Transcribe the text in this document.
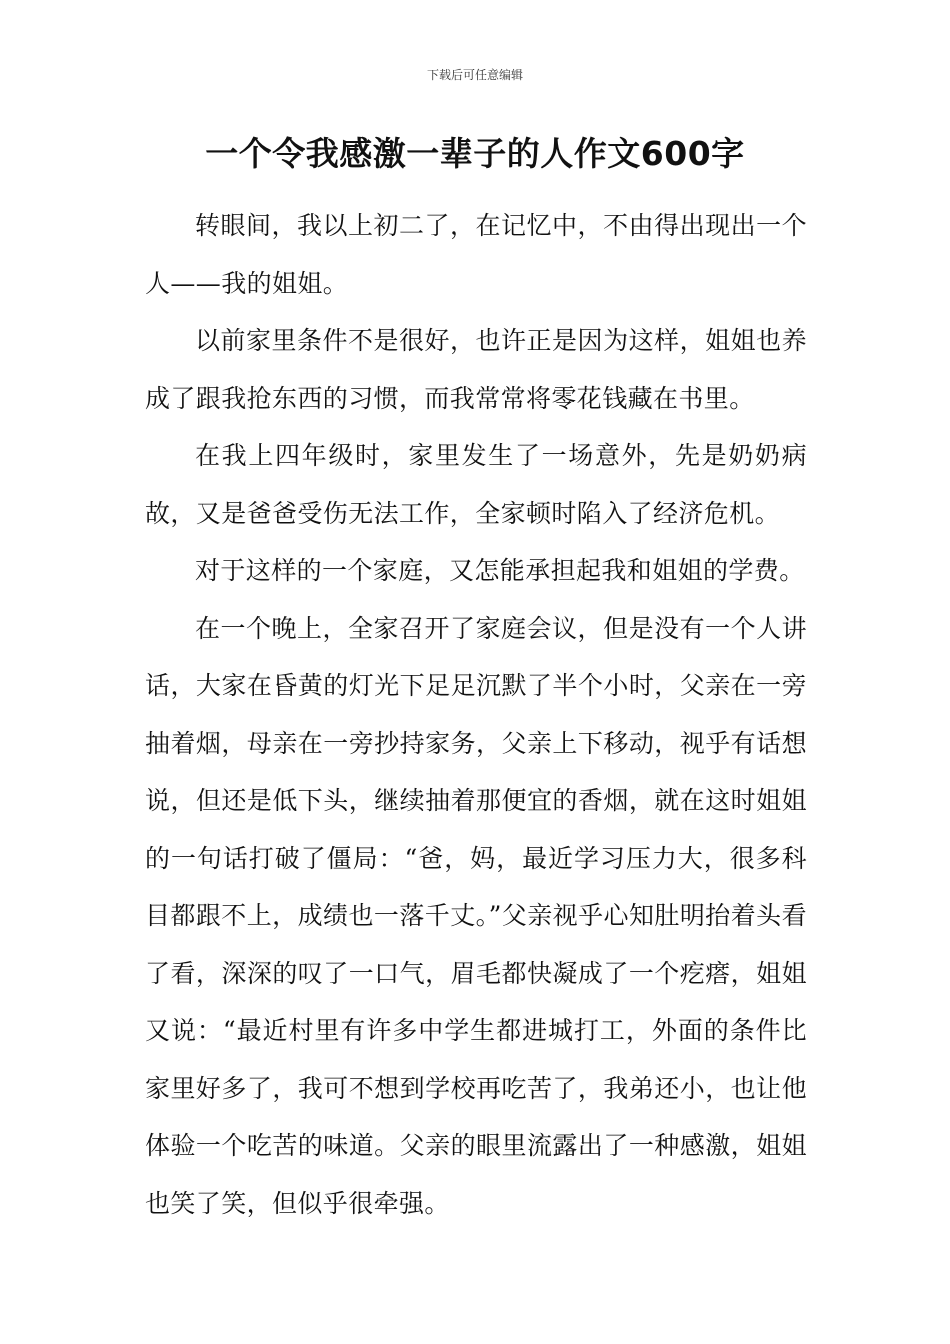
下载后可任意编辑
一个令我感激一辈子的人作文600字

转眼间，我以上初二了，在记忆中，不由得出现出一个人——我的姐姐。

以前家里条件不是很好，也许正是因为这样，姐姐也养成了跟我抢东西的习惯，而我常常将零花钱藏在书里。

在我上四年级时，家里发生了一场意外，先是奶奶病故，又是爸爸受伤无法工作，全家顿时陷入了经济危机。

对于这样的一个家庭，又怎能承担起我和姐姐的学费。

在一个晚上，全家召开了家庭会议，但是没有一个人讲话，大家在昏黄的灯光下足足沉默了半个小时，父亲在一旁抽着烟，母亲在一旁抄持家务，父亲上下移动，视乎有话想说，但还是低下头，继续抽着那便宜的香烟，就在这时姐姐的一句话打破了僵局：“爸，妈，最近学习压力大，很多科目都跟不上，成绩也一落千丈。”父亲视乎心知肚明抬着头看了看，深深的叹了一口气，眉毛都快凝成了一个疙瘩，姐姐又说：“最近村里有许多中学生都进城打工，外面的条件比家里好多了，我可不想到学校再吃苦了，我弟还小，也让他体验一个吃苦的味道。父亲的眼里流露出了一种感激，姐姐也笑了笑，但似乎很牵强。
